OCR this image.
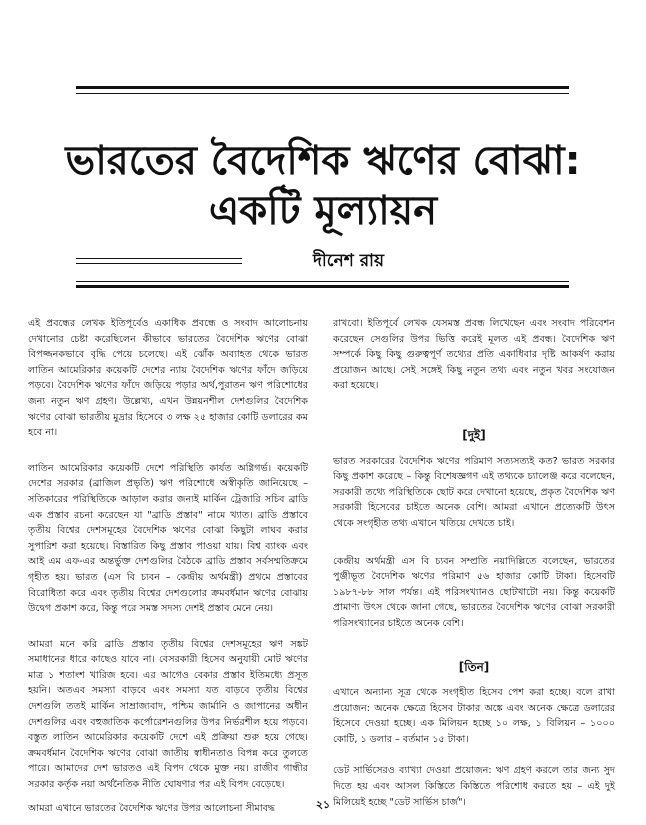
ভারতের বৈদেশিক ঋণের বোঝা:
একটি মূল্যায়ন
দীনেশ রায়

এই প্রবন্ধের লেখক ইতিপূর্বেও একাধিক প্রবন্ধে ও সংবাদ আলোচনায় দেখানোর চেষ্টা করেছিলেন কীভাবে ভারতের বৈদেশিক ঋণের বোঝা বিপজ্জনকভাবে বৃদ্ধি পেয়ে চলেছে। এই ঝোঁক অব্যাহত থেকে ভারত লাতিন আমেরিকার কয়েকটি দেশের ন্যায় বৈদেশিক ঋণের ফাঁদে জড়িয়ে পড়বে। বৈদেশিক ঋণের ফাঁদে জড়িয়ে পড়ার অর্থ,পুরাতন ঋণ পরিশোধের জন্য নতুন ঋণ গ্রহণ। উল্লেখ্য, এখন উন্নয়নশীল দেশগুলির বৈদেশিক ঋণের বোঝা ভারতীয় মুদ্রার হিসেবে ৩ লক্ষ ২৫ হাজার কোটি ডলারের কম হবে না।

লাতিন আমেরিকার কয়েকটি দেশে পরিস্থিতি কার্যত অগ্নিগর্ভ। কয়েকটি দেশের সরকার (ব্রাজিল প্রভৃতি) ঋণ পরিশোধে অস্বীকৃতি জানিয়েছে – সতিকারের পরিস্থিতিকে আড়াল করার জন্যই মার্কিন ট্রেজারি সচিব ব্রাডি এক প্রস্তাব রচনা করেছেন যা "ব্রাডি প্রস্তাব" নামে খ্যাত। ব্রাডি প্রস্তাবে তৃতীয় বিশ্বের দেশসমূহের বৈদেশিক ঋণের বোঝা কিছুটা লাঘব করার সুপারিশ করা হয়েছে। বিস্তারিত কিছু প্রস্তাব পাওয়া যায়। বিশ্ব ব্যাংক এবং আই এম এফ-এর অন্তর্ভুক্ত দেশগুলির বৈঠকে ব্রাডি প্রস্তাব সর্বসম্মতিক্রমে গৃহীত হয়। ভারত (এস বি চ্যবন – কেন্দ্রীয় অর্থমন্ত্রী) প্রথমে প্রস্তাবের বিরোধিতা করে এবং তৃতীয় বিশ্বের দেশগুলোর ক্রমবর্ধমান ঋণের বোঝায় উদ্বেগ প্রকাশ করে, কিন্তু পরে সমস্ত সদস্য দেশই প্রস্তাব মেনে নেয়।

আমরা মনে করি ব্রাডি প্রস্তাব তৃতীয় বিশ্বের দেশসমূহের ঋণ সঙ্কট সমাধানের ধারে কাছেও যাবে না। বেসরকারী হিসেব অনুযায়ী মোট ঋণের মাত্র ১ শতাংশ খারিজ হবে। এর আগেও বেকার প্রস্তাব ইতিমধ্যে প্রসূত হয়নি। অতএব সমস্যা বাড়বে এবং সমস্যা যত বাড়বে তৃতীয় বিশ্বের দেশগুলি ততই মার্কিন সাম্রাজ্যবাদ, পশ্চিম জার্মানি ও জাপানের অধীন দেশগুলির এবং বহুজাতিক কর্পোরেশনগুলির উপর নির্ভরশীল হয়ে পড়বে। বস্তুত লাতিন আমেরিকার কয়েকটি দেশে এই প্রক্রিয়া শুরু হয়ে গেছে। ক্রমবর্ধমান বৈদেশিক ঋণের বোঝা জাতীয় স্বাধীনতাও বিপন্ন করে তুলতে পারে। আমাদের দেশ ভারতও এই বিপদ থেকে মুক্ত নয়। রাজীব গান্ধীর সরকার কর্তৃক নয়া অর্থনৈতিক নীতি ঘোষণার পর এই বিপদ বেড়েছে।

আমরা এখানে ভারতের বৈদেশিক ঋণের উপর আলোচনা সীমাবদ্ধ

রাখবো। ইতিপূর্বে লেখক যেসমস্ত প্রবন্ধ লিখেছেন এবং সংবাদ পরিবেশন করেছেন সেগুলির উপর ভিত্তি করেই মূলত এই প্রবন্ধ। বৈদেশিক ঋণ সম্পর্কে কিছু কিছু গুরুত্বপূর্ণ তথ্যের প্রতি একাধিবার দৃষ্টি আকর্ষণ করায় প্রয়োজন আছে। সেই সঙ্গেই কিছু নতুন তথ্য এবং নতুন খবর সংযোজন করা হয়েছে।

[দুই]

ভারত সরকারের বৈদেশিক ঋণের পরিমাণ সত্যসত্যই কত? ভারত সরকার কিছু প্রকাশ করেছে – কিন্তু বিশেষজ্ঞগণ এই তথ্যকে চ্যালেঞ্জ করে বলেছেন, সরকারী তথ্যে পরিস্থিতিকে ছোট করে দেখানো হয়েছে, প্রকৃত বৈদেশিক ঋণ সরকারী হিসেবের চাইতে অনেক বেশি। আমরা এখানে প্রত্যেকটি উৎস থেকে সংগৃহীত তথ্য এখানে খতিয়ে দেখতে চাই।

কেন্দ্রীয় অর্থমন্ত্রী এস বি চ্যবন সম্প্রতি নয়াদিল্লিতে বলেছেন, ভারতের পুঞ্জীভূত বৈদেশিক ঋণের পরিমাণ ৫৬ হাজার কোটি টাকা। হিসেবটি ১৯৮৭-৮৮ সাল পর্যন্ত। এই পরিসংখ্যানও ছোটখাটো নয়। কিন্তু কয়েকটি প্রামাণ্য উৎস থেকে জানা গেছে, ভারতের বৈদেশিক ঋণের বোঝা সরকারী পরিসংখ্যানের চাইতে অনেক বেশি।

[তিন]

এখানে অন্যান্য সূত্র থেকে সংগৃহীত হিসেব পেশ করা হচ্ছে। বলে রাখা প্রয়োজন: অনেক ক্ষেত্রে হিসেব টাকার অঙ্কে এবং অনেক ক্ষেত্রে ডলারের হিসেবে দেওয়া হচ্ছে। এক মিলিয়ন হচ্ছে ১০ লক্ষ, ১ বিলিয়ন – ১০০০ কোটি, ১ ডলার – বর্তমান ১৫ টাকা।

ডেট সার্ভিসেরও ব্যাখ্যা দেওয়া প্রয়োজন: ঋণ গ্রহণ করলে তার জন্য সুদ দিতে হয় এবং আসল কিস্তিতে কিস্তিতে পরিশোধ করতে হয় – এই দুই মিলিয়েই হচ্ছে "ডেট সার্ভিস চার্জ"।

২১
